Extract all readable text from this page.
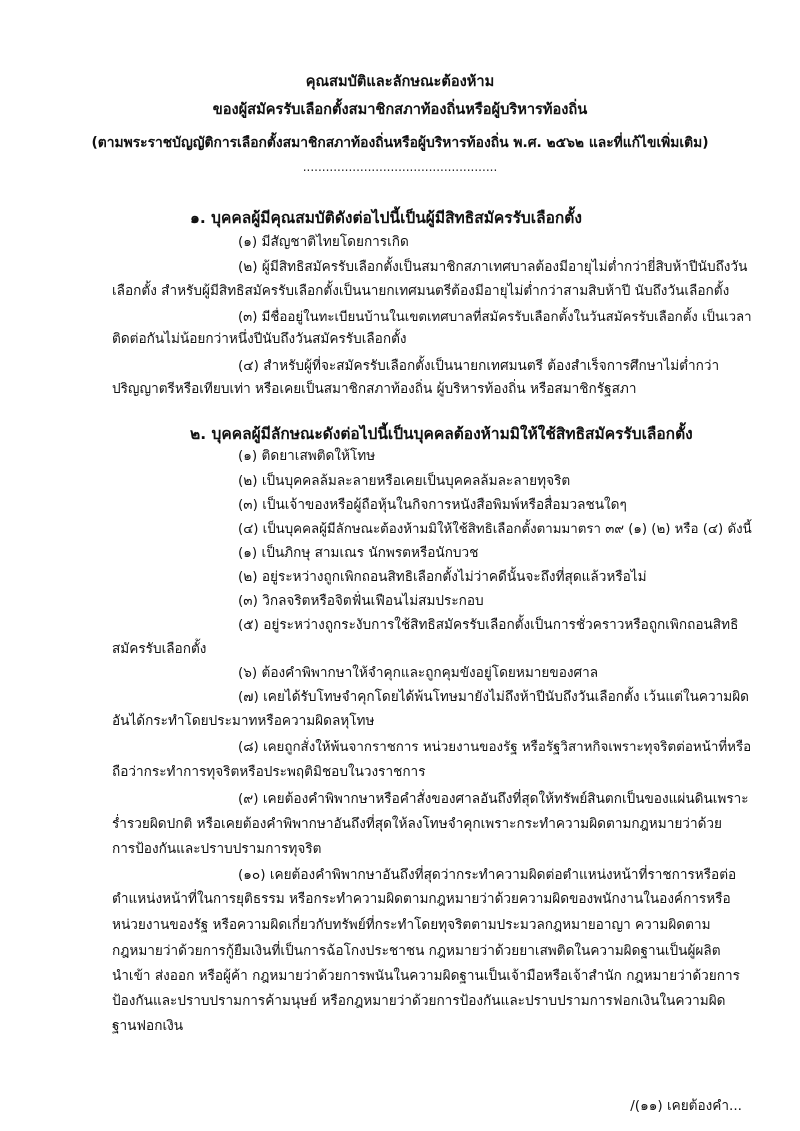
คุณสมบัติและลักษณะต้องห้าม
ของผู้สมัครรับเลือกตั้งสมาชิกสภาท้องถิ่นหรือผู้บริหารท้องถิ่น
(ตามพระราชบัญญัติการเลือกตั้งสมาชิกสภาท้องถิ่นหรือผู้บริหารท้องถิ่น พ.ศ. ๒๕๖๒ และที่แก้ไขเพิ่มเติม)
...................................................
๑. บุคคลผู้มีคุณสมบัติดังต่อไปนี้เป็นผู้มีสิทธิสมัครรับเลือกตั้ง
(๑) มีสัญชาติไทยโดยการเกิด
(๒) ผู้มีสิทธิสมัครรับเลือกตั้งเป็นสมาชิกสภาเทศบาลต้องมีอายุไม่ต่ำกว่ายี่สิบห้าปีนับถึงวัน
เลือกตั้ง สำหรับผู้มีสิทธิสมัครรับเลือกตั้งเป็นนายกเทศมนตรีต้องมีอายุไม่ต่ำกว่าสามสิบห้าปี นับถึงวันเลือกตั้ง
(๓) มีชื่ออยู่ในทะเบียนบ้านในเขตเทศบาลที่สมัครรับเลือกตั้งในวันสมัครรับเลือกตั้ง เป็นเวลา
ติดต่อกันไม่น้อยกว่าหนึ่งปีนับถึงวันสมัครรับเลือกตั้ง
(๔) สำหรับผู้ที่จะสมัครรับเลือกตั้งเป็นนายกเทศมนตรี ต้องสำเร็จการศึกษาไม่ต่ำกว่า
ปริญญาตรีหรือเทียบเท่า หรือเคยเป็นสมาชิกสภาท้องถิ่น ผู้บริหารท้องถิ่น หรือสมาชิกรัฐสภา
๒. บุคคลผู้มีลักษณะดังต่อไปนี้เป็นบุคคลต้องห้ามมิให้ใช้สิทธิสมัครรับเลือกตั้ง
(๑) ติดยาเสพติดให้โทษ
(๒) เป็นบุคคลล้มละลายหรือเคยเป็นบุคคลล้มละลายทุจริต
(๓) เป็นเจ้าของหรือผู้ถือหุ้นในกิจการหนังสือพิมพ์หรือสื่อมวลชนใดๆ
(๔) เป็นบุคคลผู้มีลักษณะต้องห้ามมิให้ใช้สิทธิเลือกตั้งตามมาตรา ๓๙ (๑) (๒) หรือ (๔) ดังนี้
(๑) เป็นภิกษุ สามเณร นักพรตหรือนักบวช
(๒) อยู่ระหว่างถูกเพิกถอนสิทธิเลือกตั้งไม่ว่าคดีนั้นจะถึงที่สุดแล้วหรือไม่
(๓) วิกลจริตหรือจิตฟั่นเฟือนไม่สมประกอบ
(๕) อยู่ระหว่างถูกระงับการใช้สิทธิสมัครรับเลือกตั้งเป็นการชั่วคราวหรือถูกเพิกถอนสิทธิ
สมัครรับเลือกตั้ง
(๖) ต้องคำพิพากษาให้จำคุกและถูกคุมขังอยู่โดยหมายของศาล
(๗) เคยได้รับโทษจำคุกโดยได้พ้นโทษมายังไม่ถึงห้าปีนับถึงวันเลือกตั้ง เว้นแต่ในความผิด
อันได้กระทำโดยประมาทหรือความผิดลหุโทษ
(๘) เคยถูกสั่งให้พ้นจากราชการ หน่วยงานของรัฐ หรือรัฐวิสาหกิจเพราะทุจริตต่อหน้าที่หรือ
ถือว่ากระทำการทุจริตหรือประพฤติมิชอบในวงราชการ
(๙) เคยต้องคำพิพากษาหรือคำสั่งของศาลอันถึงที่สุดให้ทรัพย์สินตกเป็นของแผ่นดินเพราะ
ร่ำรวยผิดปกติ หรือเคยต้องคำพิพากษาอันถึงที่สุดให้ลงโทษจำคุกเพราะกระทำความผิดตามกฎหมายว่าด้วย
การป้องกันและปราบปรามการทุจริต
(๑๐) เคยต้องคำพิพากษาอันถึงที่สุดว่ากระทำความผิดต่อตำแหน่งหน้าที่ราชการหรือต่อ
ตำแหน่งหน้าที่ในการยุติธรรม หรือกระทำความผิดตามกฎหมายว่าด้วยความผิดของพนักงานในองค์การหรือ
หน่วยงานของรัฐ หรือความผิดเกี่ยวกับทรัพย์ที่กระทำโดยทุจริตตามประมวลกฎหมายอาญา ความผิดตาม
กฎหมายว่าด้วยการกู้ยืมเงินที่เป็นการฉ้อโกงประชาชน กฎหมายว่าด้วยยาเสพติดในความผิดฐานเป็นผู้ผลิต
นำเข้า ส่งออก หรือผู้ค้า กฎหมายว่าด้วยการพนันในความผิดฐานเป็นเจ้ามือหรือเจ้าสำนัก กฎหมายว่าด้วยการ
ป้องกันและปราบปรามการค้ามนุษย์ หรือกฎหมายว่าด้วยการป้องกันและปราบปรามการฟอกเงินในความผิด
ฐานฟอกเงิน
/(๑๑) เคยต้องคำ...
